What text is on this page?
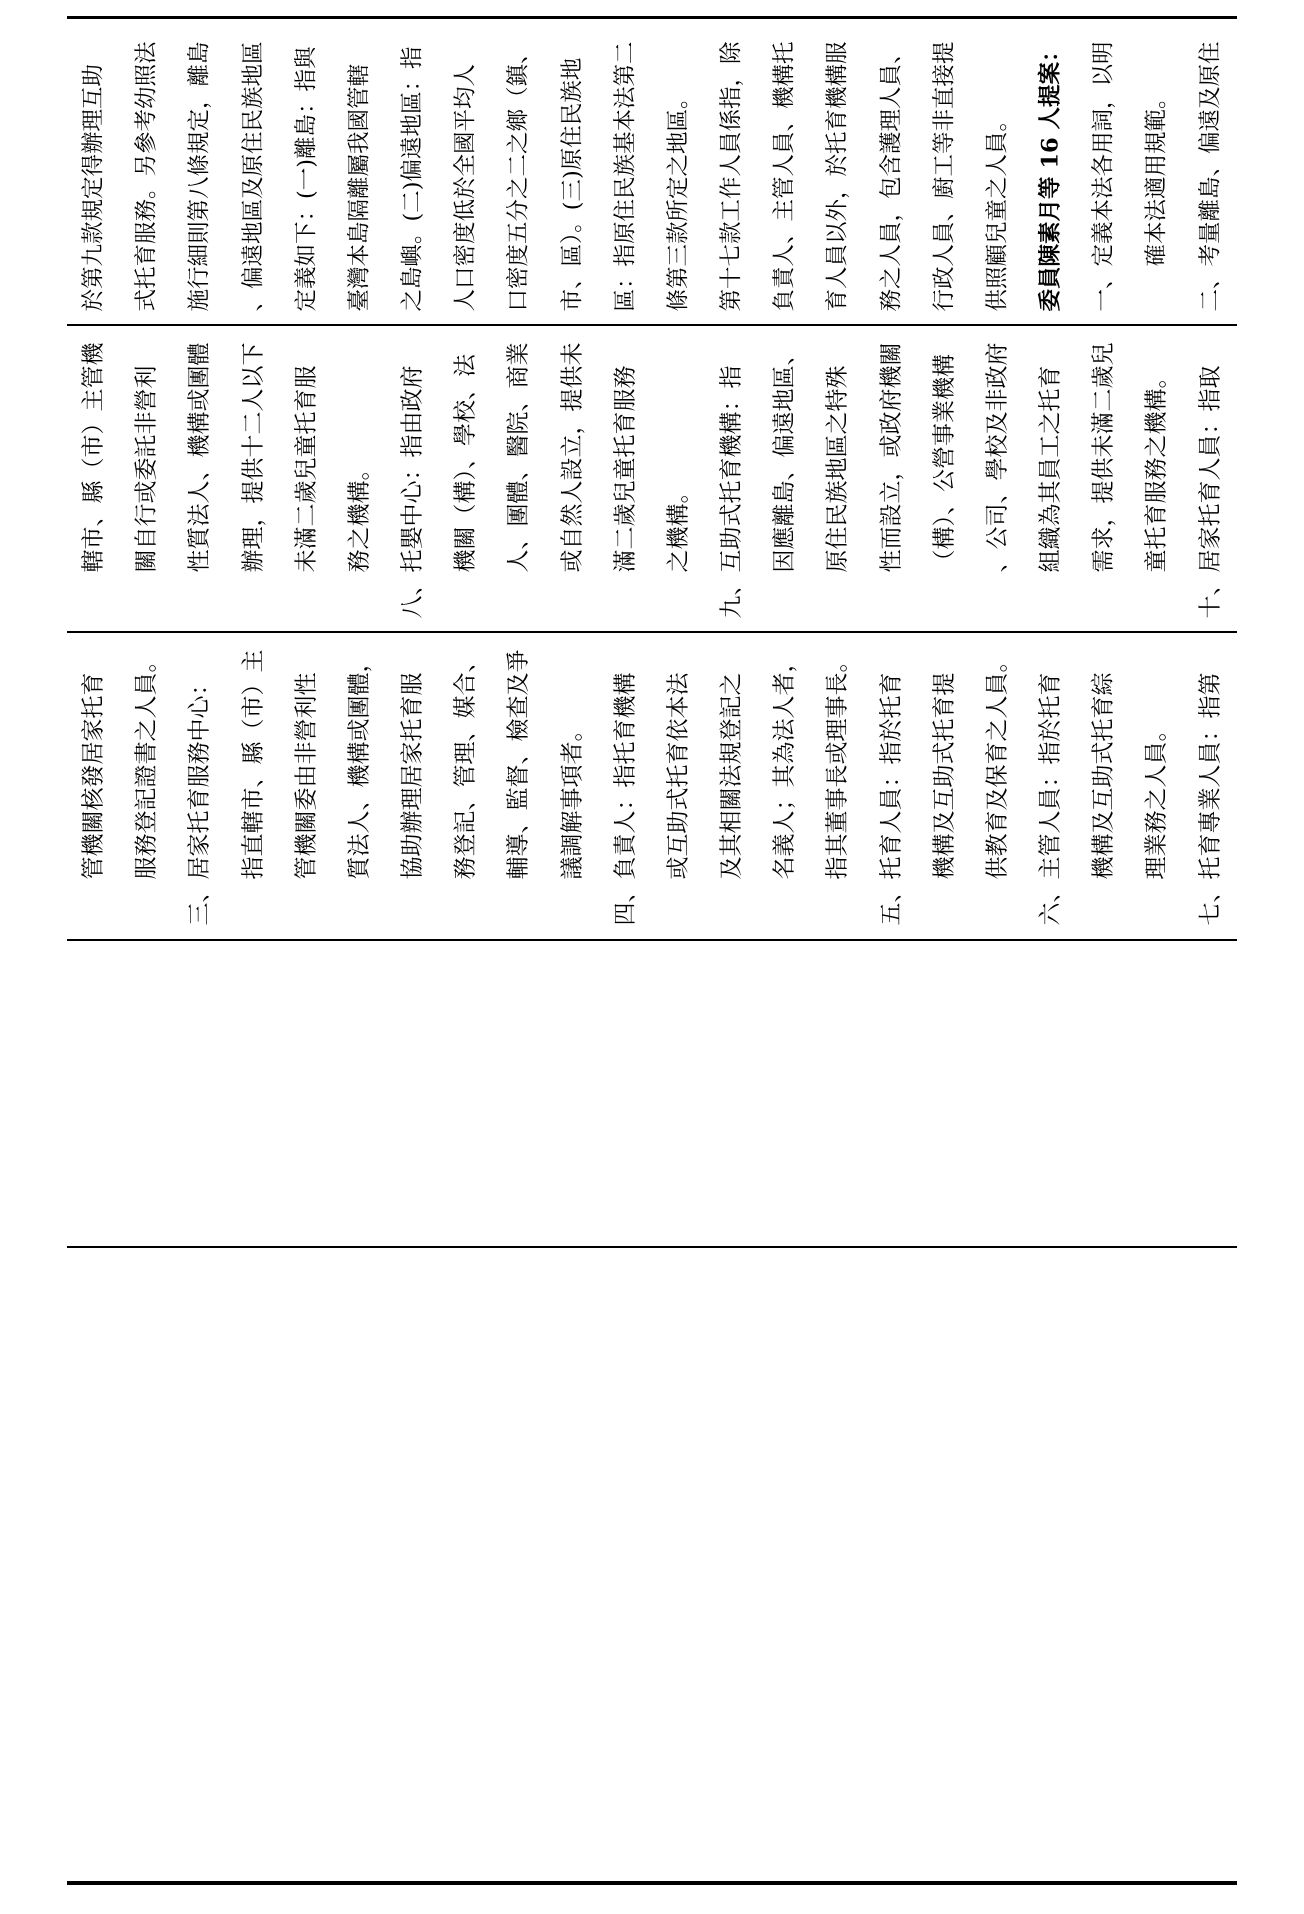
於第九款規定得辦理互助	式托育服務。另參考幼照法	施行細則第八條規定，離島	、偏遠地區及原住民族地區	定義如下：(一)離島：指與	臺灣本島隔離屬我國管轄	之島嶼。(二)偏遠地區：指	人口密度低於全國平均人	口密度五分之二之鄉（鎮、	市、區）。(三)原住民族地	區：指原住民族基本法第二	條第三款所定之地區。	第十七款工作人員係指，除	負責人、主管人員、機構托	育人員以外，於托育機構服	務之人員，包含護理人員、	行政人員、廚工等非直接提	供照顧兒童之人員。	委員陳素月等 16 人提案：	一、定義本法各用詞，以明	確本法適用規範。	二、考量離島、偏遠及原住
轄市、縣（市）主管機	關自行或委託非營利	性質法人、機構或團體	辦理，提供十二人以下	未滿二歲兒童托育服	務之機構。	八、托嬰中心：指由政府	機關（構）、學校、法	人、團體、醫院、商業	或自然人設立，提供未	滿二歲兒童托育服務	之機構。	九、互助式托育機構：指	因應離島、偏遠地區、	原住民族地區之特殊	性而設立，或政府機關	（構）、公營事業機構	、公司、學校及非政府	組織為其員工之托育	需求，提供未滿二歲兒	童托育服務之機構。	十、居家托育人員：指取
管機關核發居家托育	服務登記證書之人員。	三、居家托育服務中心：	指直轄市、縣（市）主	管機關委由非營利性	質法人、機構或團體，	協助辦理居家托育服	務登記、管理、媒合、	輔導、監督、檢查及爭	議調解事項者。	四、負責人：指托育機構	或互助式托育依本法	及其相關法規登記之	名義人；其為法人者，	指其董事長或理事長。	五、托育人員：指於托育	機構及互助式托育提	供教育及保育之人員。	六、主管人員：指於托育	機構及互助式托育綜	理業務之人員。	七、托育專業人員：指第
